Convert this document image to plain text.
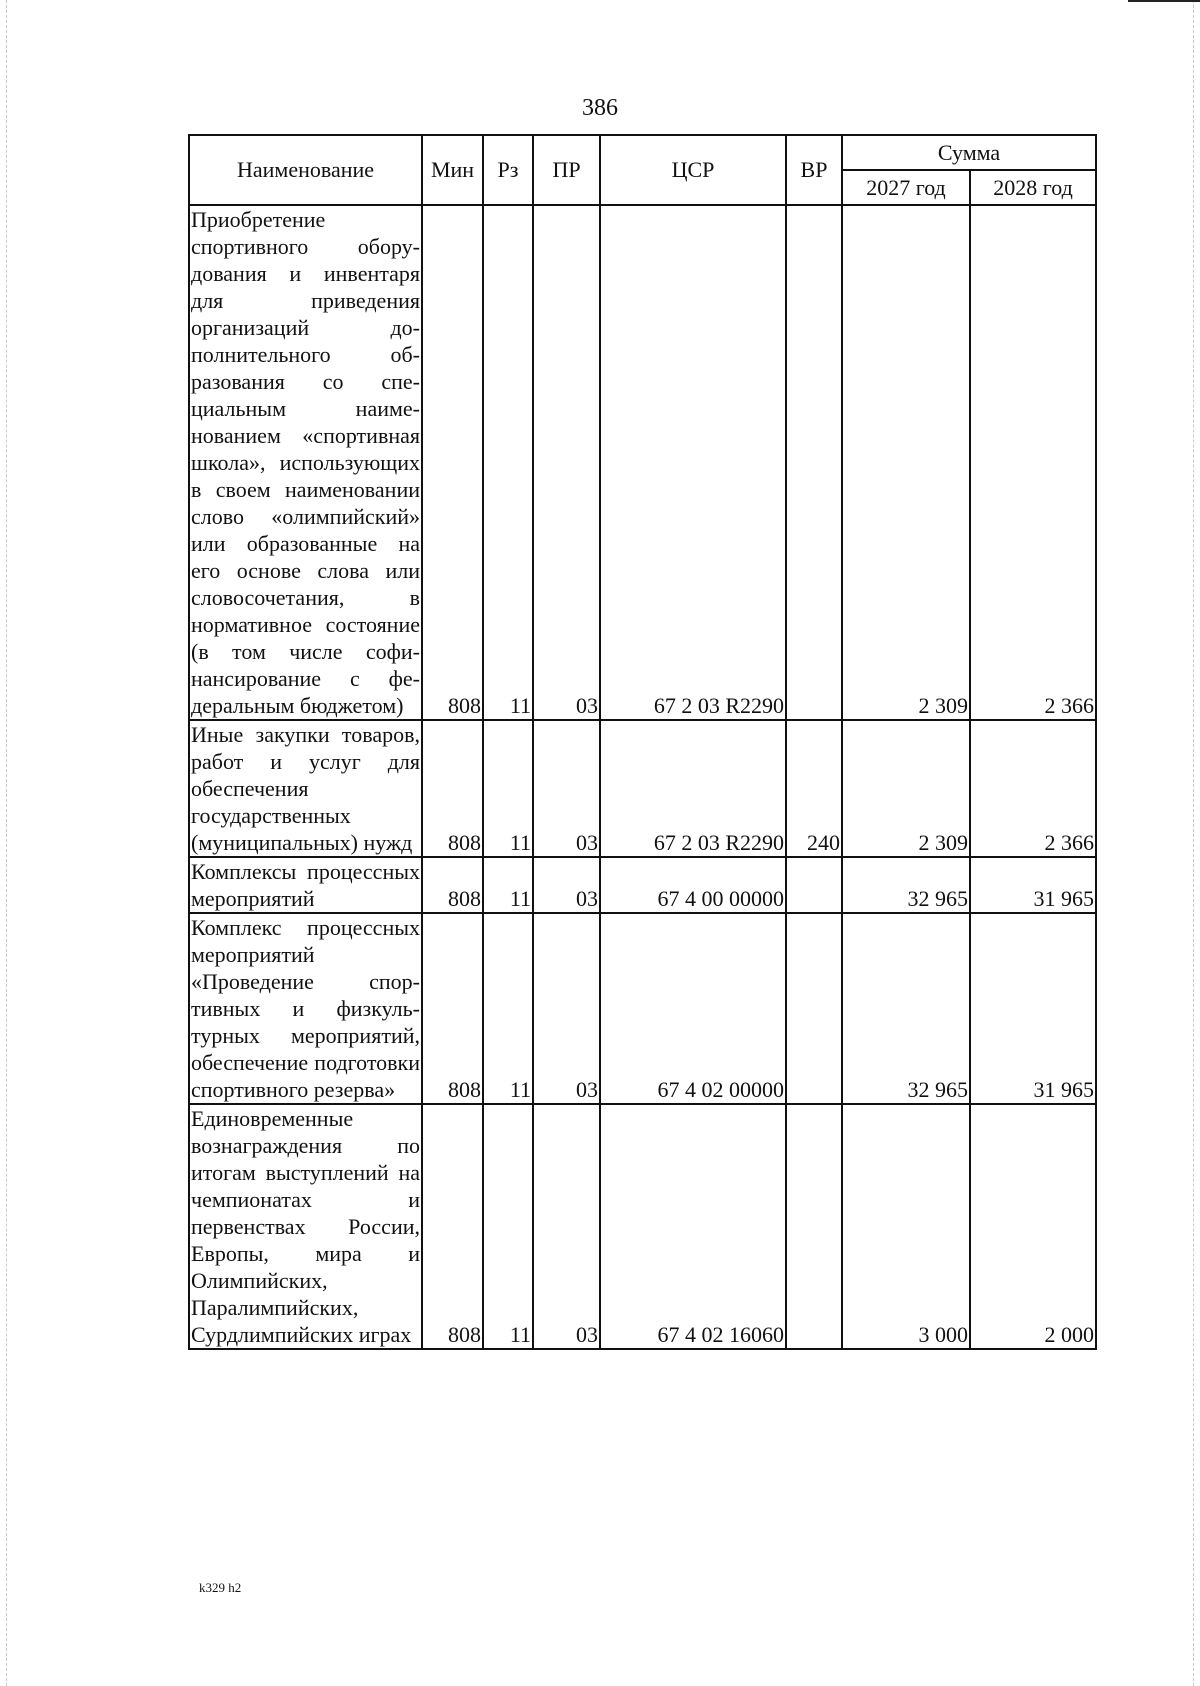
386
Наименование	Мин	Рз	ПР	ЦСР	ВР	Сумма	
						2027 год	2028 год
Приобретение спортивного оборудования и инвентаря для приведения организаций дополнительного образования со специальным наименованием «спортивная школа», использующих в своем наименовании слово «олимпийский» или образованные на его основе слова или словосочетания, в нормативное состояние (в том числе софинансирование с федеральным бюджетом)	808	11	03	67 2 03 R2290		2 309	2 366
Иные закупки товаров, работ и услуг для обеспечения государственных (муниципальных) нужд	808	11	03	67 2 03 R2290	240	2 309	2 366
Комплексы процессных мероприятий	808	11	03	67 4 00 00000		32 965	31 965
Комплекс процессных мероприятий «Проведение спортивных и физкультурных мероприятий, обеспечение подготовки спортивного резерва»	808	11	03	67 4 02 00000		32 965	31 965
Единовременные вознаграждения по итогам выступлений на чемпионатах и первенствах России, Европы, мира и Олимпийских, Паралимпийских, Сурдлимпийских играх	808	11	03	67 4 02 16060		3 000	2 000
k329 h2
